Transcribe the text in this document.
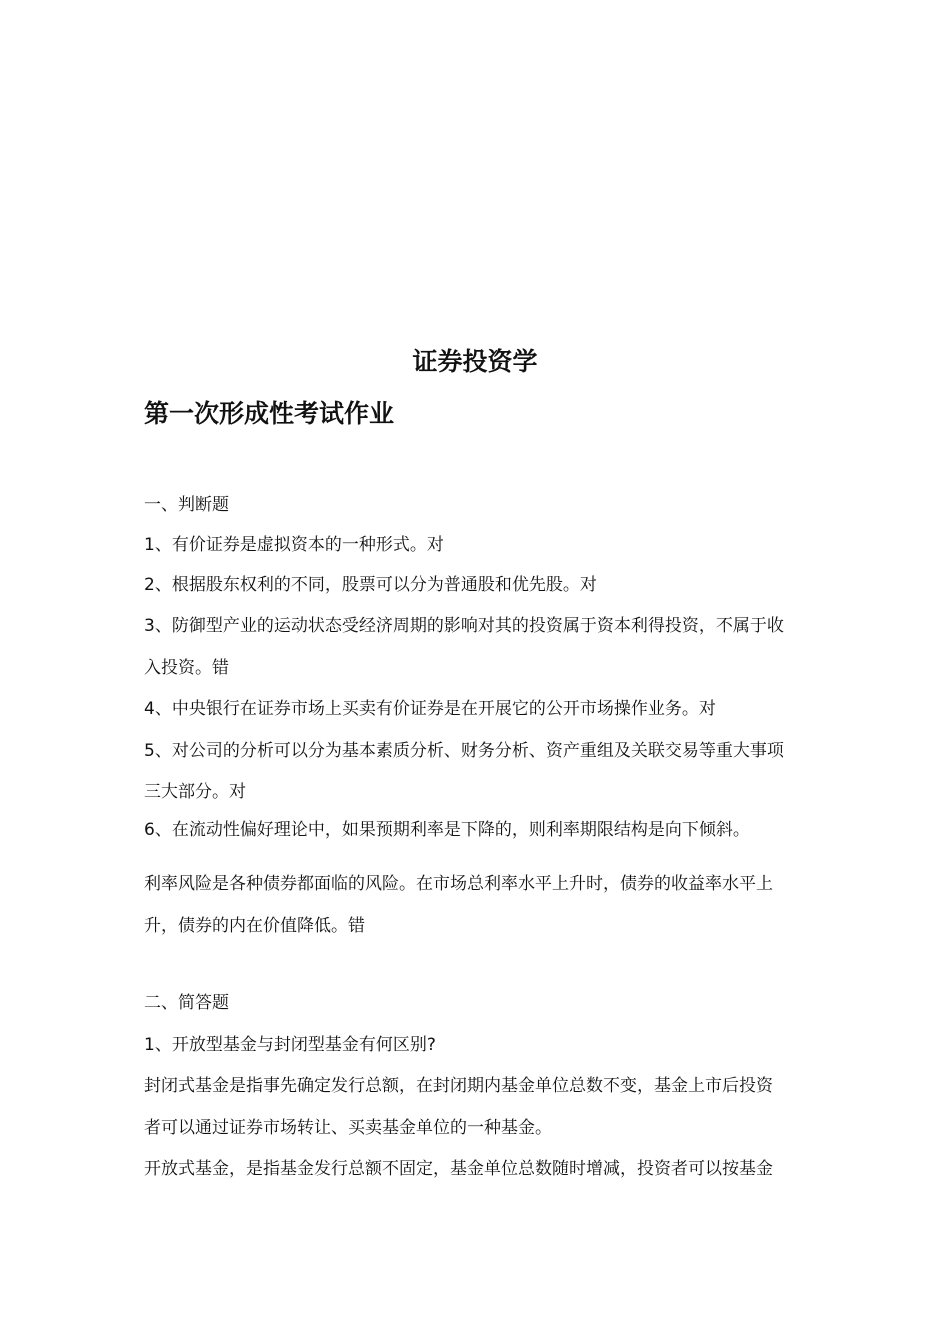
证券投资学
第一次形成性考试作业
一、判断题
1、有价证券是虚拟资本的一种形式。对
2、根据股东权利的不同，股票可以分为普通股和优先股。对
3、防御型产业的运动状态受经济周期的影响对其的投资属于资本利得投资，不属于收
入投资。错
4、中央银行在证券市场上买卖有价证券是在开展它的公开市场操作业务。对
5、对公司的分析可以分为基本素质分析、财务分析、资产重组及关联交易等重大事项
三大部分。对
6、在流动性偏好理论中，如果预期利率是下降的，则利率期限结构是向下倾斜。
利率风险是各种债券都面临的风险。在市场总利率水平上升时，债券的收益率水平上
升，债券的内在价值降低。错
二、简答题
1、开放型基金与封闭型基金有何区别?
封闭式基金是指事先确定发行总额，在封闭期内基金单位总数不变，基金上市后投资
者可以通过证券市场转让、买卖基金单位的一种基金。
开放式基金，是指基金发行总额不固定，基金单位总数随时增减，投资者可以按基金
